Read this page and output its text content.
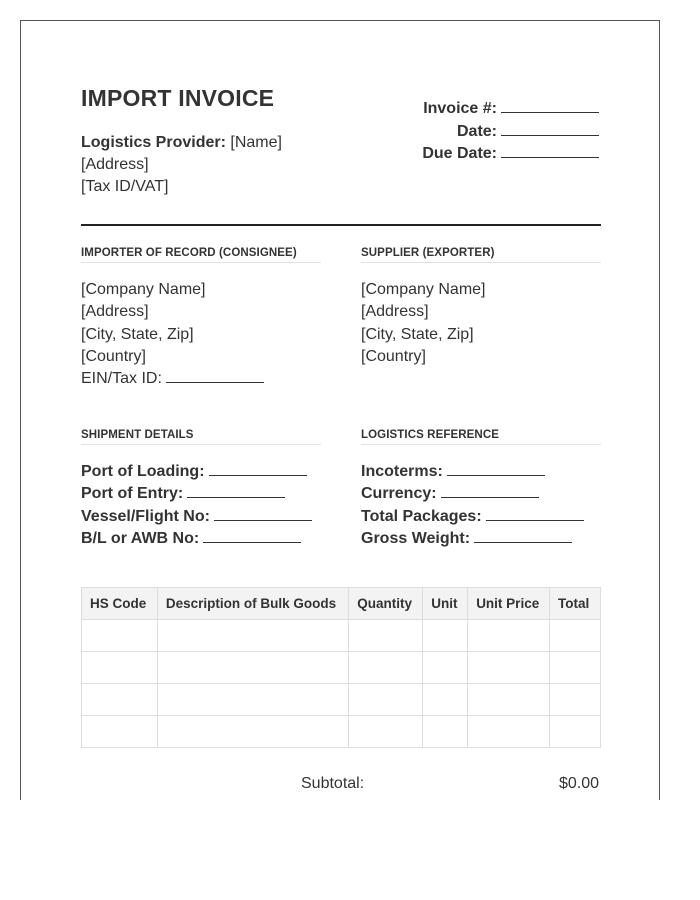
IMPORT INVOICE
Logistics Provider: [Name]
[Address]
[Tax ID/VAT]
Invoice #:
Date:
Due Date:
IMPORTER OF RECORD (CONSIGNEE)
[Company Name]
[Address]
[City, State, Zip]
[Country]
EIN/Tax ID:
SUPPLIER (EXPORTER)
[Company Name]
[Address]
[City, State, Zip]
[Country]
SHIPMENT DETAILS
Port of Loading:
Port of Entry:
Vessel/Flight No:
B/L or AWB No:
LOGISTICS REFERENCE
Incoterms:
Currency:
Total Packages:
Gross Weight:
HS Code	Description of Bulk Goods	Quantity	Unit	Unit Price	Total

Subtotal:	$0.00
